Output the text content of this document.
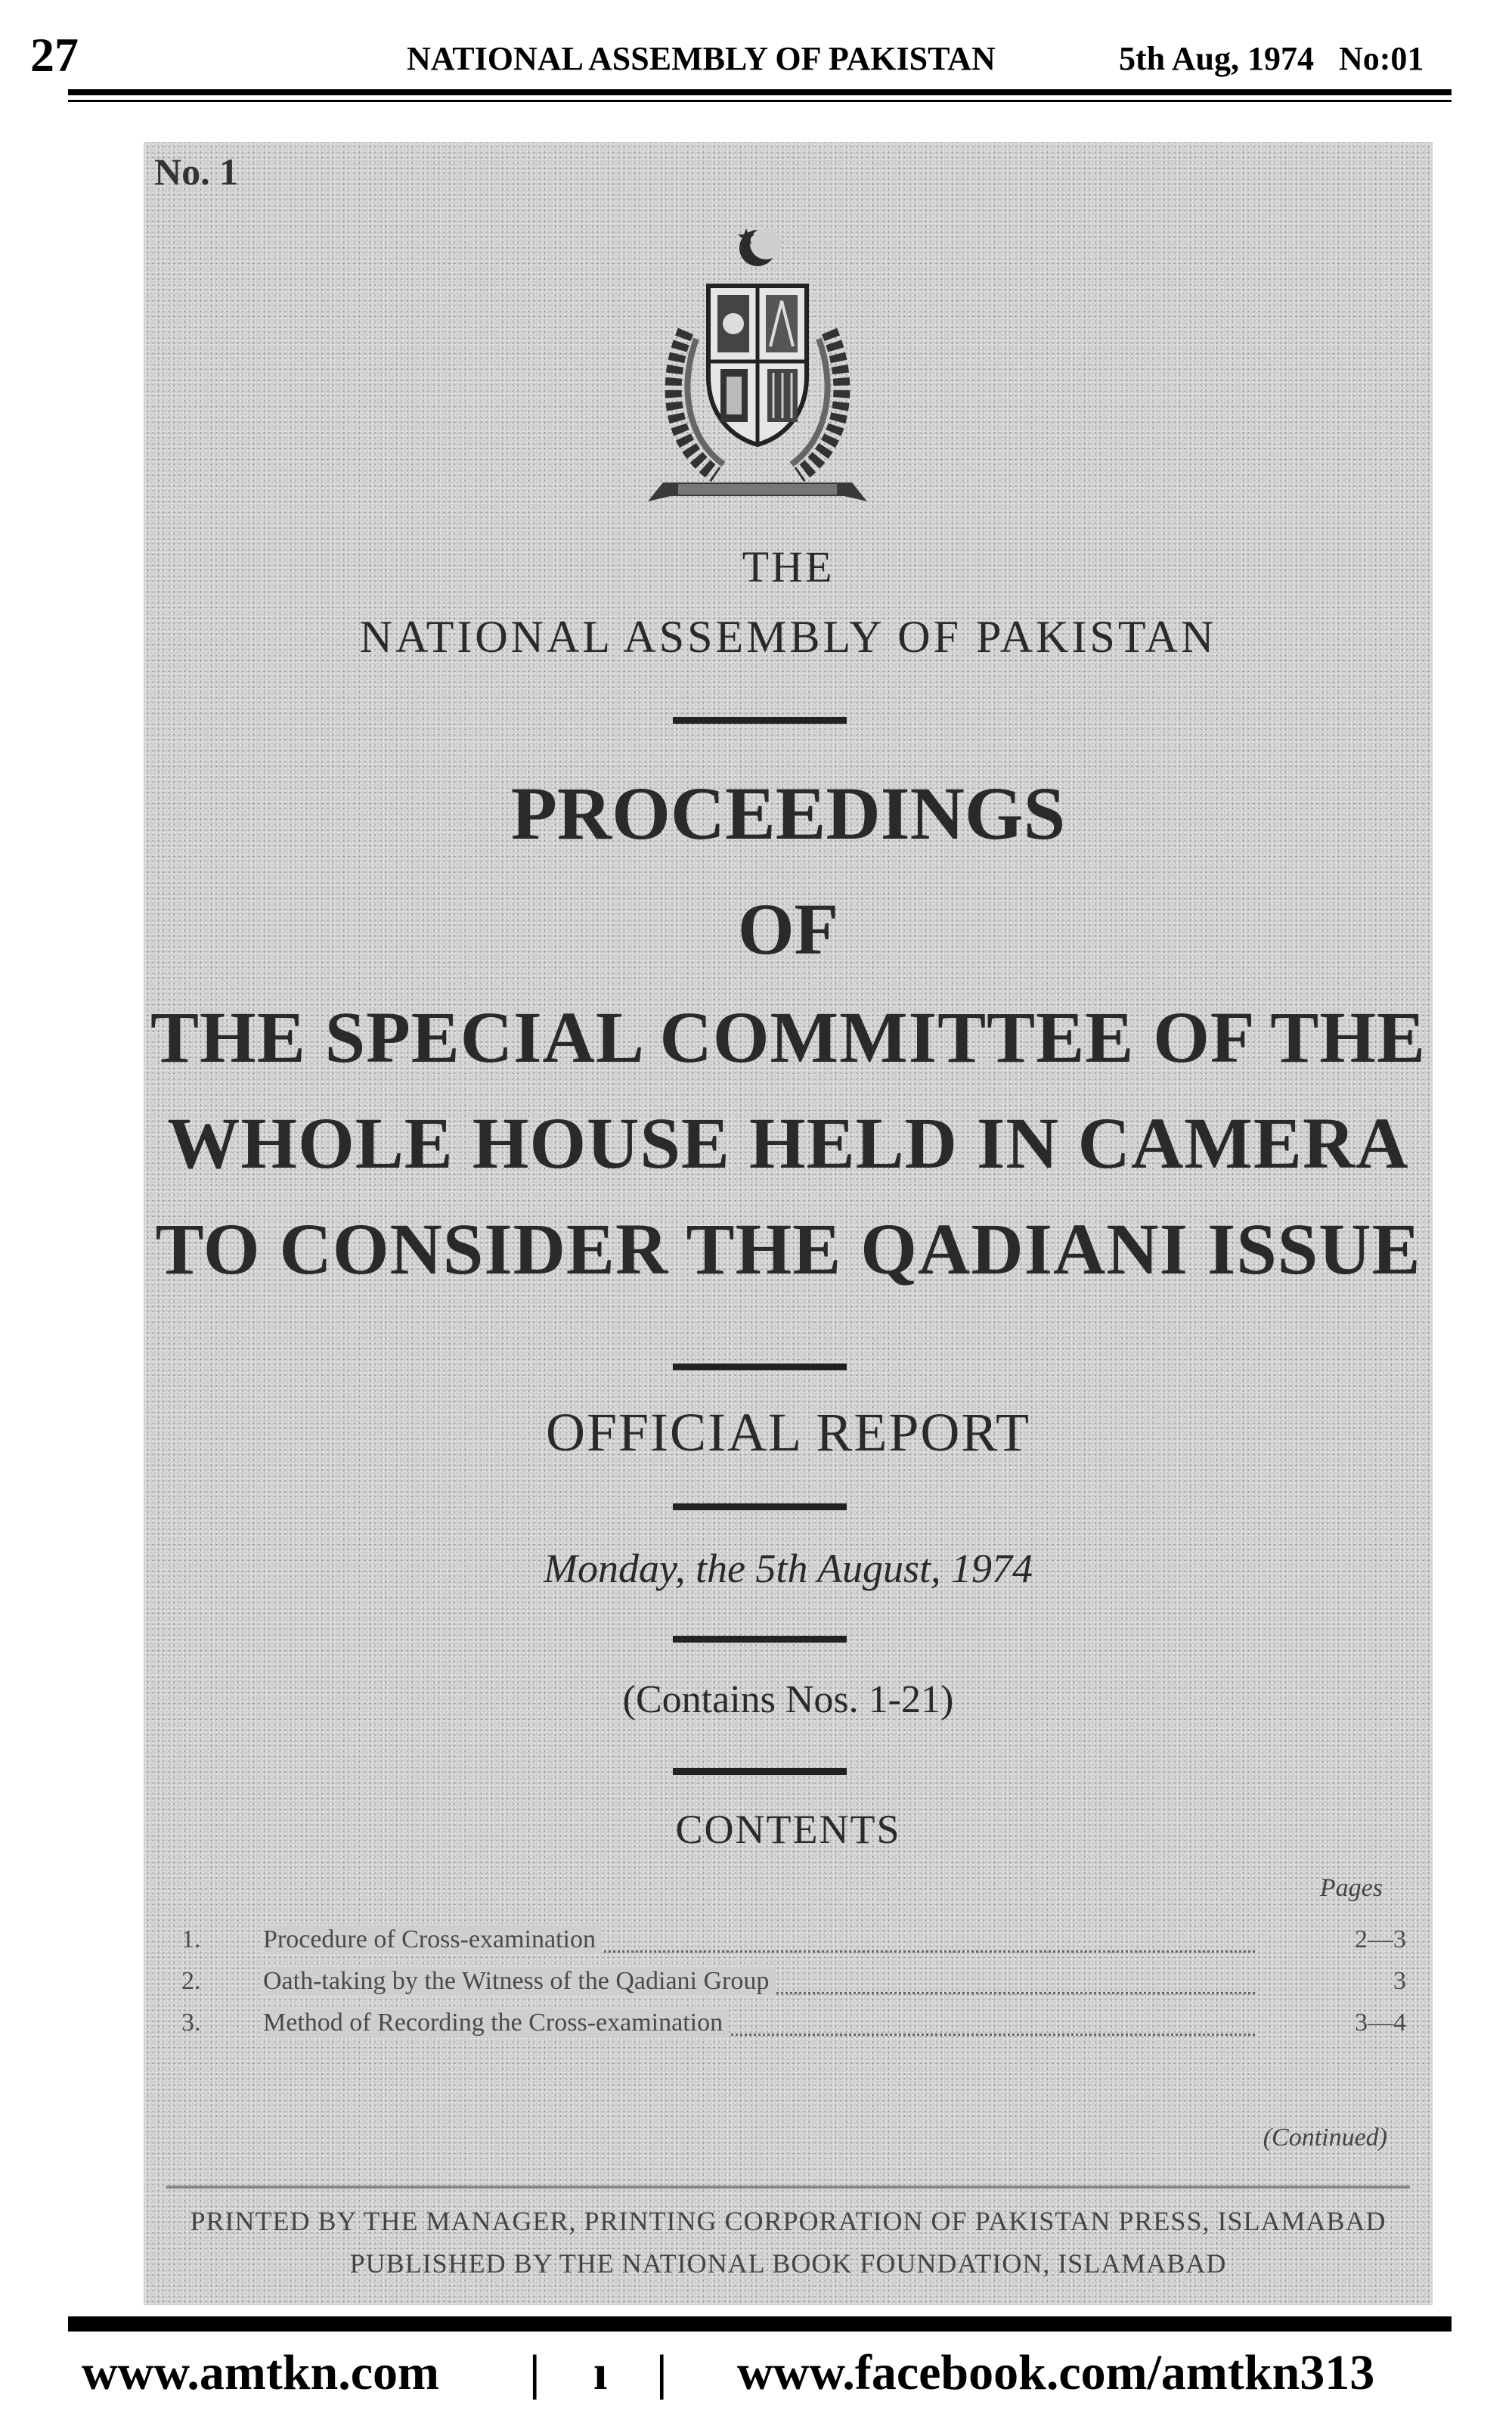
27	NATIONAL ASSEMBLY OF PAKISTAN	5th Aug, 1974   No:01
No. 1
THE
NATIONAL ASSEMBLY OF PAKISTAN
PROCEEDINGS
OF
THE SPECIAL COMMITTEE OF THE
WHOLE HOUSE HELD IN CAMERA
TO CONSIDER THE QADIANI ISSUE
OFFICIAL REPORT
Monday, the 5th August, 1974
(Contains Nos. 1-21)
CONTENTS
Pages
1.	Procedure of Cross-examination	2—3
2.	Oath-taking by the Witness of the Qadiani Group	3
3.	Method of Recording the Cross-examination	3—4
(Continued)
PRINTED BY THE MANAGER, PRINTING CORPORATION OF PAKISTAN PRESS, ISLAMABAD
PUBLISHED BY THE NATIONAL BOOK FOUNDATION, ISLAMABAD
www.amtkn.com | ı | www.facebook.com/amtkn313
